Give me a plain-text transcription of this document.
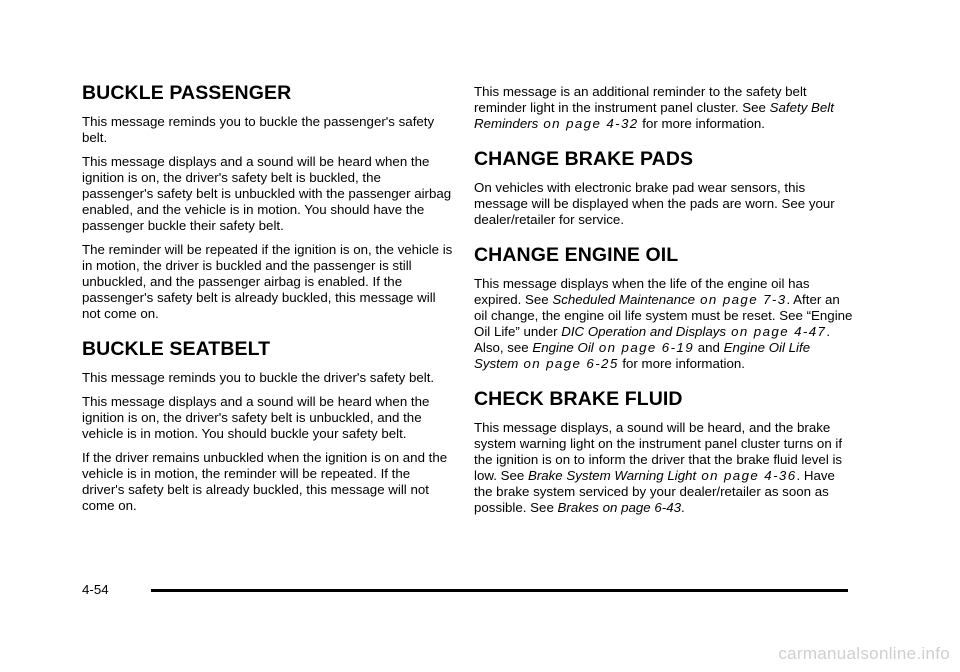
BUCKLE PASSENGER

This message reminds you to buckle the passenger's safety belt.

This message displays and a sound will be heard when the ignition is on, the driver's safety belt is buckled, the passenger's safety belt is unbuckled with the passenger airbag enabled, and the vehicle is in motion. You should have the passenger buckle their safety belt.

The reminder will be repeated if the ignition is on, the vehicle is in motion, the driver is buckled and the passenger is still unbuckled, and the passenger airbag is enabled. If the passenger's safety belt is already buckled, this message will not come on.

BUCKLE SEATBELT

This message reminds you to buckle the driver's safety belt.

This message displays and a sound will be heard when the ignition is on, the driver's safety belt is unbuckled, and the vehicle is in motion. You should buckle your safety belt.

If the driver remains unbuckled when the ignition is on and the vehicle is in motion, the reminder will be repeated. If the driver's safety belt is already buckled, this message will not come on.

This message is an additional reminder to the safety belt reminder light in the instrument panel cluster. See Safety Belt Reminders on page 4-32 for more information.

CHANGE BRAKE PADS

On vehicles with electronic brake pad wear sensors, this message will be displayed when the pads are worn. See your dealer/retailer for service.

CHANGE ENGINE OIL

This message displays when the life of the engine oil has expired. See Scheduled Maintenance on page 7-3. After an oil change, the engine oil life system must be reset. See “Engine Oil Life” under DIC Operation and Displays on page 4-47. Also, see Engine Oil on page 6-19 and Engine Oil Life System on page 6-25 for more information.

CHECK BRAKE FLUID

This message displays, a sound will be heard, and the brake system warning light on the instrument panel cluster turns on if the ignition is on to inform the driver that the brake fluid level is low. See Brake System Warning Light on page 4-36. Have the brake system serviced by your dealer/retailer as soon as possible. See Brakes on page 6-43.

4-54
carmanualsonline.info
